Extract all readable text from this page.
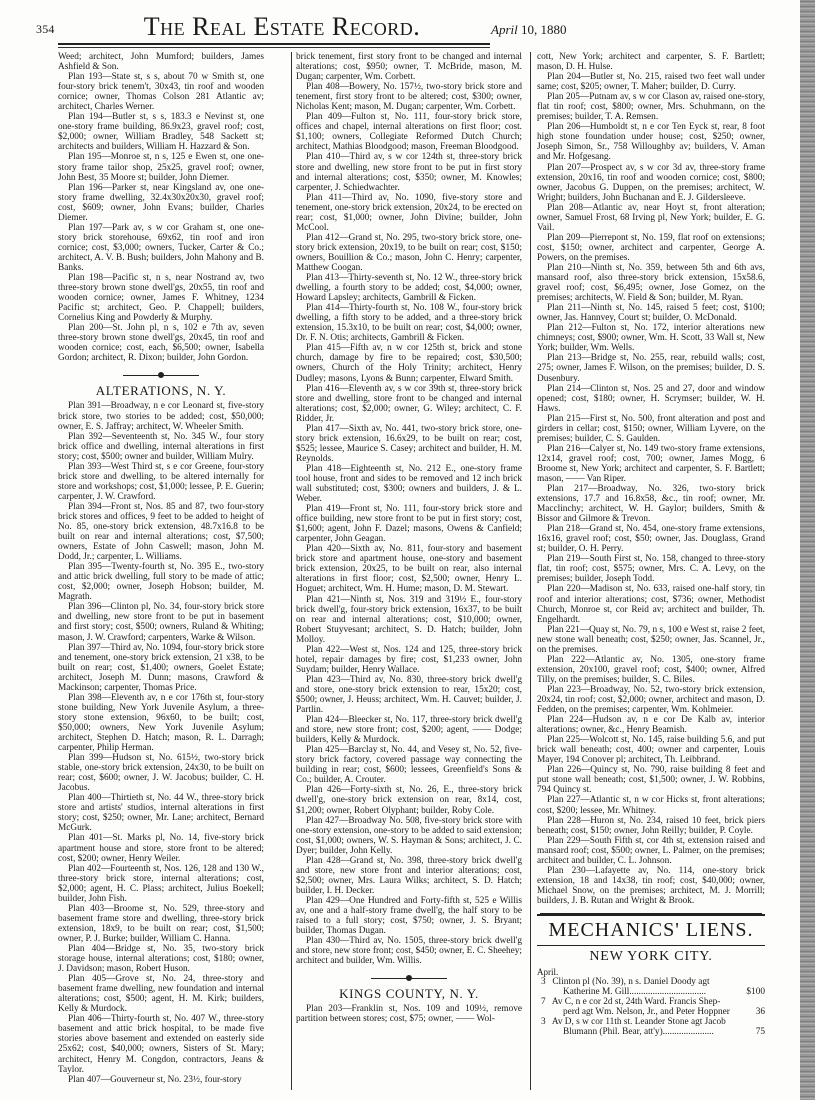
354	The Real Estate Record.	April 10, 1880

Weed; architect, John Mumford; builders, James Ashfield & Son.

Plan 193—State st, s s, about 70 w Smith st, one four-story brick tenem't, 30x43, tin roof and wooden cornice; owner, Thomas Colson 281 Atlantic av; architect, Charles Werner.

Plan 194—Butler st, s s, 183.3 e Nevinst st, one one-story frame building, 86.9x23, gravel roof; cost, $2,000; owner, William Bradley, 548 Sackett st; architects and builders, William H. Hazzard & Son.

Plan 195—Monroe st, n s, 125 e Ewen st, one one-story frame tailor shop, 25x25, gravel roof; owner, John Best, 35 Moore st; builder, John Diemer.

Plan 196—Parker st, near Kingsland av, one one-story frame dwelling, 32.4x30x20x30, gravel roof; cost, $609; owner, John Evans; builder, Charles Diemer.

Plan 197—Park av, s w cor Graham st, one one-story brick storehouse, 69x62, tin roof and iron cornice; cost, $3,000; owners, Tucker, Carter & Co.; architect, A. V. B. Bush; builders, John Mahony and B. Banks.

Plan 198—Pacific st, n s, near Nostrand av, two three-story brown stone dwell'gs, 20x55, tin roof and wooden cornice; owner, James F. Whitney, 1234 Pacific st; architect, Geo. P. Chappell; builders, Cornelius King and Powderly & Murphy.

Plan 200—St. John pl, n s, 102 e 7th av, seven three-story brown stone dwell'gs, 20x45, tin roof and wooden cornice; cost, each, $6,500; owner, Isabella Gordon; architect, R. Dixon; builder, John Gordon.

ALTERATIONS, N. Y.

Plan 391—Broadway, n e cor Leonard st, five-story brick store, two stories to be added; cost, $50,000; owner, E. S. Jaffray; architect, W. Wheeler Smith.

Plan 392—Seventeenth st, No. 345 W., four story brick office and dwelling, internal alterations in first story; cost, $500; owner and builder, William Mulry.

Plan 393—West Third st, s e cor Greene, four-story brick store and dwelling, to be altered internally for store and workshops; cost, $1,000; lessee, P. E. Guerin; carpenter, J. W. Crawford.

Plan 394—Front st, Nos. 85 and 87, two four-story brick stores and offices, 9 feet to be added to height of No. 85, one-story brick extension, 48.7x16.8 to be built on rear and internal alterations; cost, $7,500; owners, Estate of John Caswell; mason, John M. Dodd, Jr.; carpenter, L. Williams.

Plan 395—Twenty-fourth st, No. 395 E., two-story and attic brick dwelling, full story to be made of attic; cost, $2,000; owner, Joseph Hobson; builder, M. Magrath.

Plan 396—Clinton pl, No. 34, four-story brick store and dwelling, new store front to be put in basement and first story; cost, $500; owners, Ruland & Whiting; mason, J. W. Crawford; carpenters, Warke & Wilson.

Plan 397—Third av, No. 1094, four-story brick store and tenement, one-story brick extension, 21 x38, to be built on rear; cost, $1,400; owners, Goelet Estate; architect, Joseph M. Dunn; masons, Crawford & Mackinson; carpenter, Thomas Price.

Plan 398—Eleventh av, n e cor 176th st, four-story stone building, New York Juvenile Asylum, a three-story stone extension, 96x60, to be built; cost, $50,000; owners, New York Juvenile Asylum; architect, Stephen D. Hatch; mason, R. L. Darragh; carpenter, Philip Herman.

Plan 399—Hudson st, No. 615½, two-story brick stable, one-story brick extension, 24x30, to be built on rear; cost, $600; owner, J. W. Jacobus; builder, C. H. Jacobus.

Plan 400—Thirtieth st, No. 44 W., three-story brick store and artists' studios, internal alterations in first story; cost, $250; owner, Mr. Lane; architect, Bernard McGurk.

Plan 401—St. Marks pl, No. 14, five-story brick apartment house and store, store front to be altered; cost, $200; owner, Henry Weiler.

Plan 402—Fourteenth st, Nos. 126, 128 and 130 W., three-story brick store, internal alterations; cost, $2,000; agent, H. C. Plass; architect, Julius Boekell; builder, John Fish.

Plan 403—Broome st, No. 529, three-story and basement frame store and dwelling, three-story brick extension, 18x9, to be built on rear; cost, $1,500; owner, P. J. Burke; builder, William C. Hanna.

Plan 404—Bridge st, No. 35, two-story brick storage house, internal alterations; cost, $180; owner, J. Davidson; mason, Robert Huson.

Plan 405—Grove st, No. 24, three-story and basement frame dwelling, new foundation and internal alterations; cost, $500; agent, H. M. Kirk; builders, Kelly & Murdock.

Plan 406—Thirty-fourth st, No. 407 W., three-story basement and attic brick hospital, to be made five stories above basement and extended on easterly side 25x62; cost, $40,000; owners, Sisters of St. Mary; architect, Henry M. Congdon, contractors, Jeans & Taylor.

Plan 407—Gouverneur st, No. 23½, four-story

brick tenement, first story front to be changed and internal alterations; cost, $950; owner, T. McBride, mason, M. Dugan; carpenter, Wm. Corbett.

Plan 408—Bowery, No. 157½, two-story brick store and tenement, first story front to be altered; cost, $300; owner, Nicholas Kent; mason, M. Dugan; carpenter, Wm. Corbett.

Plan 409—Fulton st, No. 111, four-story brick store, offices and chapel, internal alterations on first floor; cost. $1,100; owners, Collegiate Reformed Dutch Church; architect, Mathias Bloodgood; mason, Freeman Bloodgood.

Plan 410—Third av, s w cor 124th st, three-story brick store and dwelling, new store front to be put in first story and internal alterations; cost, $350; owner, M. Knowles; carpenter, J. Schiedwachter.

Plan 411—Third av, No. 1090, five-story store and tenement, one-story brick extension, 20x24, to be erected on rear; cost, $1,000; owner, John Divine; builder, John McCool.

Plan 412—Grand st, No. 295, two-story brick store, one-story brick extension, 20x19, to be built on rear; cost, $150; owners, Bouillion & Co.; mason, John C. Henry; carpenter, Matthew Coogan.

Plan 413—Thirty-seventh st, No. 12 W., three-story brick dwelling, a fourth story to be added; cost, $4,000; owner, Howard Lapsley; architects, Gambrill & Ficken.

Plan 414—Thirty-fourth st, No. 108 W., four-story brick dwelling, a fifth story to be added, and a three-story brick extension, 15.3x10, to be built on rear; cost, $4,000; owner, Dr. F. N. Otis; architects, Gambrill & Ficken.

Plan 415—Fifth av, n w cor 125th st, brick and stone church, damage by fire to be repaired; cost, $30,500; owners, Church of the Holy Trinity; architect, Henry Dudley; masons, Lyons & Bunn; carpenter, Elward Smith.

Plan 416—Eleventh av, s w cor 39th st, three-story brick store and dwelling, store front to be changed and internal alterations; cost, $2,000; owner, G. Wiley; architect, C. F. Ridder, Jr.

Plan 417—Sixth av, No. 441, two-story brick store, one-story brick extension, 16.6x29, to be built on rear; cost, $525; lessee, Maurice S. Casey; architect and builder, H. M. Reynolds.

Plan 418—Eighteenth st, No. 212 E., one-story frame tool house, front and sides to be removed and 12 inch brick wall substituted; cost, $300; owners and builders, J. & L. Weber.

Plan 419—Front st, No. 111, four-story brick store and office building, new store front to be put in first story; cost, $1,600; agent, John F. Dazel; masons, Owens & Canfield; carpenter, John Geagan.

Plan 420—Sixth av, No. 811, four-story and basement brick store and apartment house, one-story and basement brick extension, 20x25, to be built on rear, also internal alterations in first floor; cost, $2,500; owner, Henry L. Hoguet; architect, Wm. H. Hume; mason, D. M. Stewart.

Plan 421—Ninth st, Nos. 319 and 319½ E., four-story brick dwell'g, four-story brick extension, 16x37, to be built on rear and internal alterations; cost, $10,000; owner, Robert Stuyvesant; architect, S. D. Hatch; builder, John Molloy.

Plan 422—West st, Nos. 124 and 125, three-story brick hotel, repair damages by fire; cost, $1,233 owner, John Suydam; builder, Henry Wallace.

Plan 423—Third av, No. 830, three-story brick dwell'g and store, one-story brick extension to rear, 15x20; cost, $500; owner, J. Heuss; architect, Wm. H. Cauvet; builder, J. Partlin.

Plan 424—Bleecker st, No. 117, three-story brick dwell'g and store, new store front; cost, $200; agent, —— Dodge; builders, Kelly & Murdock.

Plan 425—Barclay st, No. 44, and Vesey st, No. 52, five-story brick factory, covered passage way connecting the building in rear; cost, $600; lessees, Greenfield's Sons & Co.; builder, A. Crouter.

Plan 426—Forty-sixth st, No. 26, E., three-story brick dwell'g, one-story brick extension on rear, 8x14, cost, $1,200; owner, Robert Olyphant; builder, Roby Cole.

Plan 427—Broadway No. 508, five-story brick store with one-story extension, one-story to be added to said extension; cost, $1,000; owners, W. S. Hayman & Sons; architect, J. C. Dyer; builder, John Kelly.

Plan 428—Grand st, No. 398, three-story brick dwell'g and store, new store front and interior alterations; cost, $2,500; owner, Mrs. Laura Wilks; architect, S. D. Hatch; builder, I. H. Decker.

Plan 429—One Hundred and Forty-fifth st, 525 e Willis av, one and a half-story frame dwell'g, the half story to be raised to a full story; cost, $750; owner, J. S. Bryant; builder, Thomas Dugan.

Plan 430—Third av, No. 1505, three-story brick dwell'g and store, new store front; cost, $450; owner, E. C. Sheehey; architect and builder, Wm. Willis.

KINGS COUNTY, N. Y.

Plan 203—Franklin st, Nos. 109 and 109½, remove partition between stores; cost, $75; owner, —— Wol-

cott, New York; architect and carpenter, S. F. Bartlett; mason, D. H. Hulse.

Plan 204—Butler st, No. 215, raised two feet wall under same; cost, $205; owner, T. Maher; builder, D. Curry.

Plan 205—Putnam av, s w cor Clason av, raised one-story, flat tin roof; cost, $800; owner, Mrs. Schuhmann, on the premises; builder, T. A. Remsen.

Plan 206—Humboldt st, n e cor Ten Eyck st, rear, 8 foot high stone foundation under house; cost, $250; owner, Joseph Simon, Sr., 758 Willoughby av; builders, V. Aman and Mr. Hofgesang.

Plan 207—Prospect av, s w cor 3d av, three-story frame extension, 20x16, tin roof and wooden cornice; cost, $800; owner, Jacobus G. Duppen, on the premises; architect, W. Wright; builders, John Buchanan and E. J. Gildersleeve.

Plan 208—Atlantic av, near Hoyt st, front alteration; owner, Samuel Frost, 68 Irving pl, New York; builder, E. G. Vail.

Plan 209—Pierrepont st, No. 159, flat roof on extensions; cost, $150; owner, architect and carpenter, George A. Powers, on the premises.

Plan 210—Ninth st, No. 359, between 5th and 6th avs, mansard roof, also three-story brick extension, 15x58.6, gravel roof; cost, $6,495; owner, Jose Gomez, on the premises; architects, W. Field & Son; builder, M. Ryan.

Plan 211—Ninth st, No. 145, raised 5 feet; cost, $100; owner, Jas. Hannvey, Court st; builder, O. McDonald.

Plan 212—Fulton st, No. 172, interior alterations new chimneys; cost, $900; owner, Wm. H. Scott, 33 Wall st, New York; builder, Wm. Wells.

Plan 213—Bridge st, No. 255, rear, rebuild walls; cost, 275; owner, James F. Wilson, on the premises; builder, D. S. Dusenbury.

Plan 214—Clinton st, Nos. 25 and 27, door and window opened; cost, $180; owner, H. Scrymser; builder, W. H. Haws.

Plan 215—First st, No. 500, front alteration and post and girders in cellar; cost, $150; owner, William Lyvere, on the premises; builder, C. S. Gaulden.

Plan 216—Calyer st, No. 149 two-story frame extensions, 12x14, gravel roof; cost, 700; owner, James Mogg, 6 Broome st, New York; architect and carpenter, S. F. Bartlett; mason, —— Van Riper.

Plan 217—Broadway, No. 326, two-story brick extensions, 17.7 and 16.8x58, &c., tin roof; owner, Mr. Macclinchy; architect, W. H. Gaylor; builders, Smith & Bissor and Gilmore & Trevon.

Plan 218—Grand st, No. 454, one-story frame extensions, 16x16, gravel roof; cost, $50; owner, Jas. Douglass, Grand st; builder, O. H. Perry.

Plan 219—South First st, No. 158, changed to three-story flat, tin roof; cost, $575; owner, Mrs. C. A. Levy, on the premises; builder, Joseph Todd.

Plan 220—Madison st, No. 633, raised one-half story, tin roof and interior alterations; cost, $736; owner, Methodist Church, Monroe st, cor Reid av; architect and builder, Th. Engelhardt.

Plan 221—Quay st, No. 79, n s, 100 e West st, raise 2 feet, new stone wall beneath; cost, $250; owner, Jas. Scannel, Jr., on the premises.

Plan 222—Atlantic av, No. 1305, one-story frame extension, 20x100, gravel roof; cost, $400; owner, Alfred Tilly, on the premises; builder, S. C. Biles.

Plan 223—Broadway, No. 52, two-story brick extension, 20x24, tin roof; cost, $2,000; owner, architect and mason, D. Fedden, on the premises; carpenter, Wm. Kohlmeier.

Plan 224—Hudson av, n e cor De Kalb av, interior alterations; owner, &c., Henry Beamish.

Plan 225—Wolcott st, No. 145, raise building 5.6, and put brick wall beneath; cost, 400; owner and carpenter, Louis Mayer, 194 Conover pl; architect, Th. Leibbrand.

Plan 226—Quincy st, No. 790, raise building 8 feet and put stone wall beneath; cost, $1,500; owner, J. W. Robbins, 794 Quincy st.

Plan 227—Atlantic st, n w cor Hicks st, front alterations; cost, $200; lessee, Mr. Whitney.

Plan 228—Huron st, No. 234, raised 10 feet, brick piers beneath; cost, $150; owner, John Reilly; builder, P. Coyle.

Plan 229—South Fifth st, cor 4th st, extension raised and mansard roof; cost, $500; owner, L. Palmer, on the premises; architect and builder, C. L. Johnson.

Plan 230—Lafayette av, No. 114, one-story brick extension, 18 and 14x38, tin roof; cost, $40,000; owner, Michael Snow, on the premises; architect, M. J. Morrill; builders, J. B. Rutan and Wright & Brook.

MECHANICS' LIENS.
NEW YORK CITY.
April.
3 Clinton pl (No. 39), n s. Daniel Doody agt
Katherine M. Gill.................................	$100
7 Av C, n e cor 2d st, 24th Ward. Francis Shep-
perd agt Wm. Nelson, Jr., and Peter Hoppner	36
3 Av D, s w cor 11th st. Leander Stone agt Jacob
Blumann (Phil. Bear, att'y)......................	75
